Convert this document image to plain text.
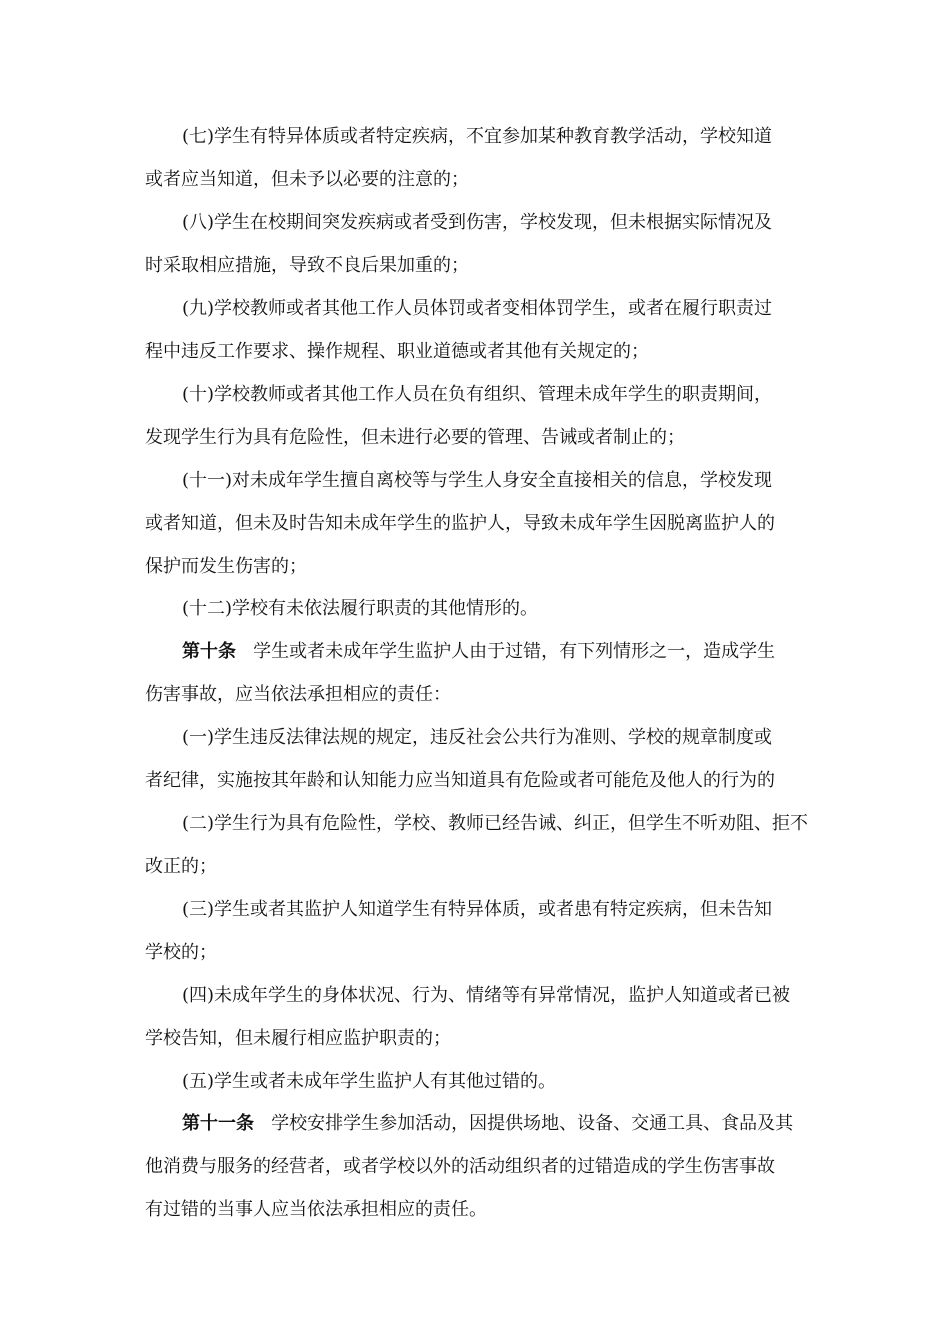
(七)学生有特异体质或者特定疾病，不宜参加某种教育教学活动，学校知道
或者应当知道，但未予以必要的注意的；
(八)学生在校期间突发疾病或者受到伤害，学校发现，但未根据实际情况及
时采取相应措施，导致不良后果加重的；
(九)学校教师或者其他工作人员体罚或者变相体罚学生，或者在履行职责过
程中违反工作要求、操作规程、职业道德或者其他有关规定的；
(十)学校教师或者其他工作人员在负有组织、管理未成年学生的职责期间，
发现学生行为具有危险性，但未进行必要的管理、告诫或者制止的；
(十一)对未成年学生擅自离校等与学生人身安全直接相关的信息，学校发现
或者知道，但未及时告知未成年学生的监护人，导致未成年学生因脱离监护人的
保护而发生伤害的；
(十二)学校有未依法履行职责的其他情形的。
第十条 学生或者未成年学生监护人由于过错，有下列情形之一，造成学生
伤害事故，应当依法承担相应的责任：
(一)学生违反法律法规的规定，违反社会公共行为准则、学校的规章制度或
者纪律，实施按其年龄和认知能力应当知道具有危险或者可能危及他人的行为的
(二)学生行为具有危险性，学校、教师已经告诫、纠正，但学生不听劝阻、拒不
改正的；
(三)学生或者其监护人知道学生有特异体质，或者患有特定疾病，但未告知
学校的；
(四)未成年学生的身体状况、行为、情绪等有异常情况，监护人知道或者已被
学校告知，但未履行相应监护职责的；
(五)学生或者未成年学生监护人有其他过错的。
第十一条 学校安排学生参加活动，因提供场地、设备、交通工具、食品及其
他消费与服务的经营者，或者学校以外的活动组织者的过错造成的学生伤害事故
有过错的当事人应当依法承担相应的责任。
